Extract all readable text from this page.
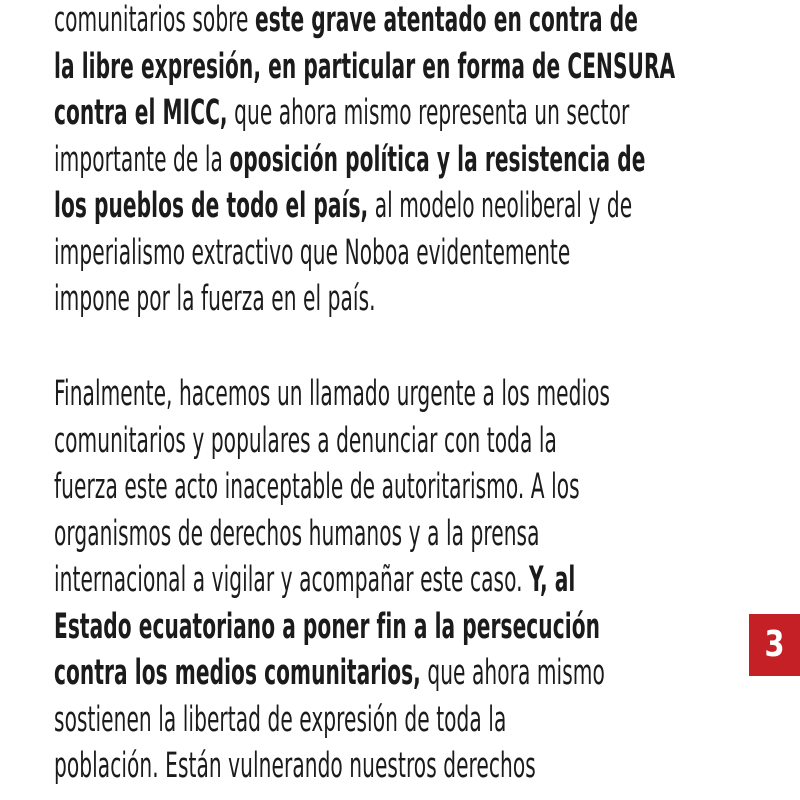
comunitarios sobre este grave atentado en contra de
la libre expresión, en particular en forma de CENSURA
contra el MICC, que ahora mismo representa un sector
importante de la oposición política y la resistencia de
los pueblos de todo el país, al modelo neoliberal y de
imperialismo extractivo que Noboa evidentemente
impone por la fuerza en el país.
Finalmente, hacemos un llamado urgente a los medios
comunitarios y populares a denunciar con toda la
fuerza este acto inaceptable de autoritarismo. A los
organismos de derechos humanos y a la prensa
internacional a vigilar y acompañar este caso. Y, al
Estado ecuatoriano a poner fin a la persecución
contra los medios comunitarios, que ahora mismo
sostienen la libertad de expresión de toda la
población. Están vulnerando nuestros derechos
3
